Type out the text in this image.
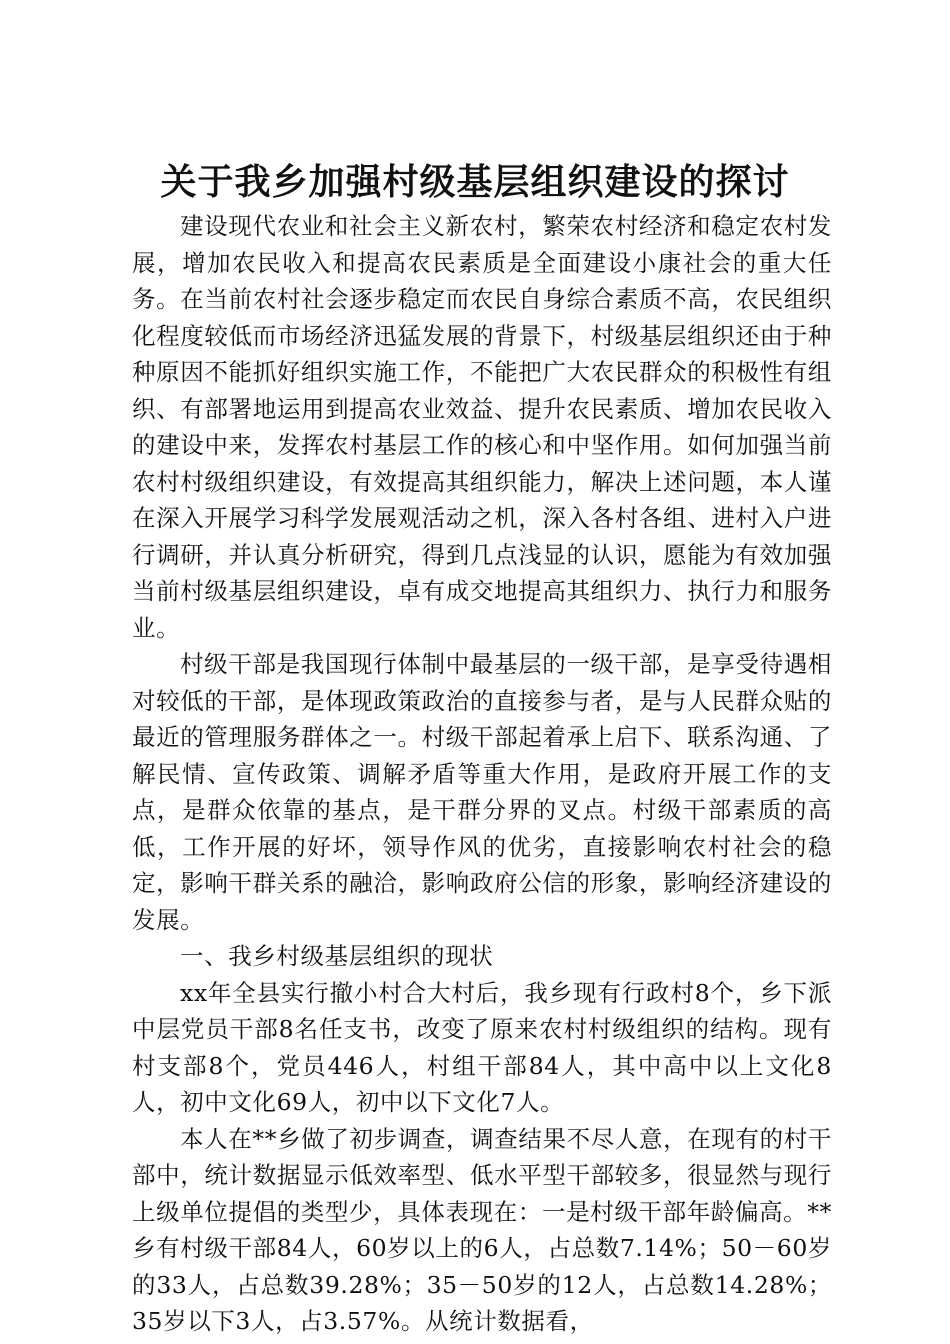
关于我乡加强村级基层组织建设的探讨

建设现代农业和社会主义新农村，繁荣农村经济和稳定农村发展，增加农民收入和提高农民素质是全面建设小康社会的重大任务。在当前农村社会逐步稳定而农民自身综合素质不高，农民组织化程度较低而市场经济迅猛发展的背景下，村级基层组织还由于种种原因不能抓好组织实施工作，不能把广大农民群众的积极性有组织、有部署地运用到提高农业效益、提升农民素质、增加农民收入的建设中来，发挥农村基层工作的核心和中坚作用。如何加强当前农村村级组织建设，有效提高其组织能力，解决上述问题，本人谨在深入开展学习科学发展观活动之机，深入各村各组、进村入户进行调研，并认真分析研究，得到几点浅显的认识，愿能为有效加强当前村级基层组织建设，卓有成交地提高其组织力、执行力和服务业。

村级干部是我国现行体制中最基层的一级干部，是享受待遇相对较低的干部，是体现政策政治的直接参与者，是与人民群众贴的最近的管理服务群体之一。村级干部起着承上启下、联系沟通、了解民情、宣传政策、调解矛盾等重大作用，是政府开展工作的支点，是群众依靠的基点，是干群分界的叉点。村级干部素质的高低，工作开展的好坏，领导作风的优劣，直接影响农村社会的稳定，影响干群关系的融洽，影响政府公信的形象，影响经济建设的发展。

一、我乡村级基层组织的现状

xx年全县实行撤小村合大村后，我乡现有行政村8个，乡下派中层党员干部8名任支书，改变了原来农村村级组织的结构。现有村支部8个，党员446人，村组干部84人，其中高中以上文化8人，初中文化69人，初中以下文化7人。

本人在**乡做了初步调查，调查结果不尽人意，在现有的村干部中，统计数据显示低效率型、低水平型干部较多，很显然与现行上级单位提倡的类型少，具体表现在：一是村级干部年龄偏高。**乡有村级干部84人，60岁以上的6人，占总数7.14%；50－60岁的33人，占总数39.28%；35－50岁的12人，占总数14.28%；35岁以下3人，占3.57%。从统计数据看，
